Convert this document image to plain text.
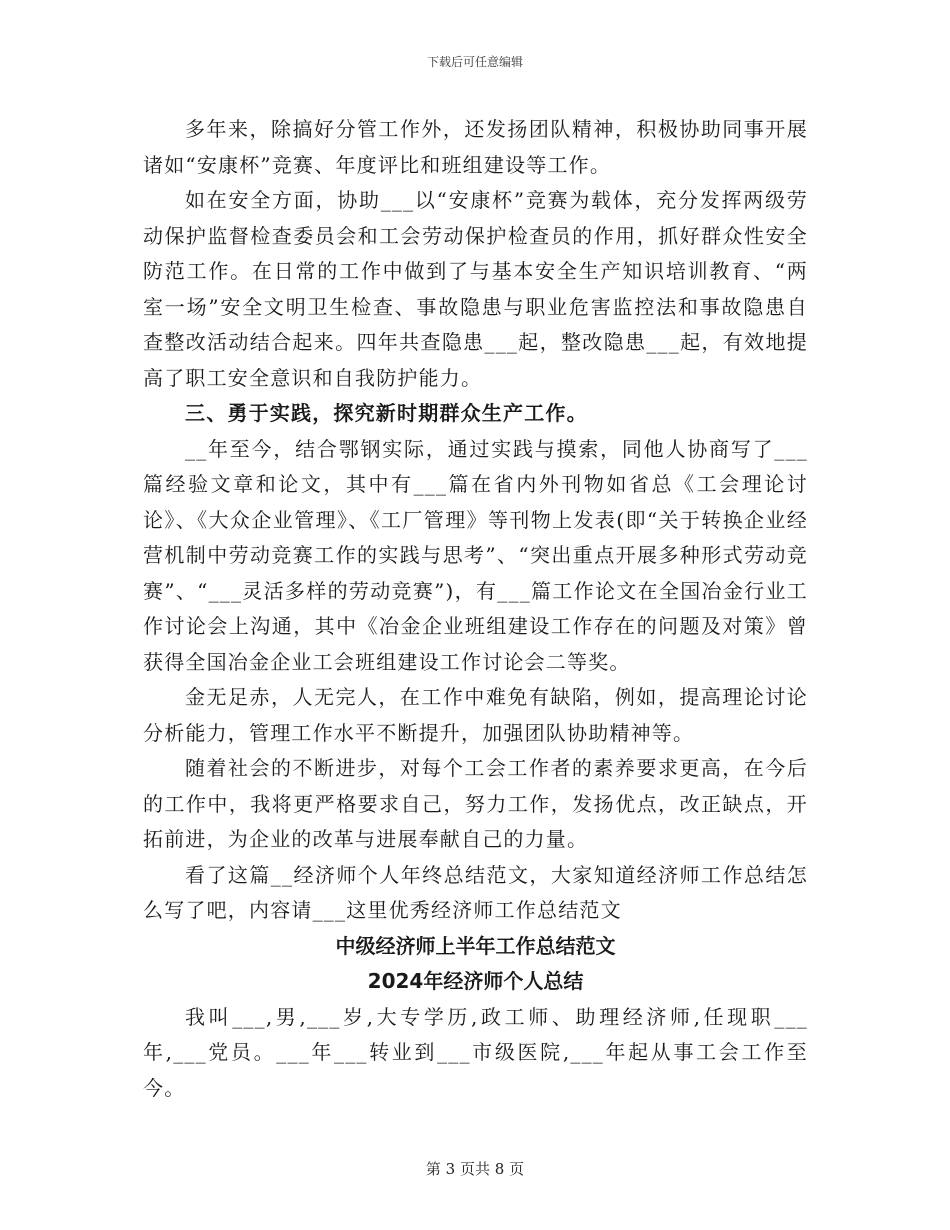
下载后可任意编辑

多年来，除搞好分管工作外，还发扬团队精神，积极协助同事开展诸如“安康杯”竞赛、年度评比和班组建设等工作。

如在安全方面，协助___以“安康杯”竞赛为载体，充分发挥两级劳动保护监督检查委员会和工会劳动保护检查员的作用，抓好群众性安全防范工作。在日常的工作中做到了与基本安全生产知识培训教育、“两室一场”安全文明卫生检查、事故隐患与职业危害监控法和事故隐患自查整改活动结合起来。四年共查隐患___起，整改隐患___起，有效地提高了职工安全意识和自我防护能力。

三、勇于实践，探究新时期群众生产工作。

__年至今，结合鄂钢实际，通过实践与摸索，同他人协商写了___篇经验文章和论文，其中有___篇在省内外刊物如省总《工会理论讨论》、《大众企业管理》、《工厂管理》等刊物上发表(即“关于转换企业经营机制中劳动竞赛工作的实践与思考”、“突出重点开展多种形式劳动竞赛”、“___灵活多样的劳动竞赛”)，有___篇工作论文在全国冶金行业工作讨论会上沟通，其中《冶金企业班组建设工作存在的问题及对策》曾获得全国冶金企业工会班组建设工作讨论会二等奖。

金无足赤，人无完人，在工作中难免有缺陷，例如，提高理论讨论分析能力，管理工作水平不断提升，加强团队协助精神等。

随着社会的不断进步，对每个工会工作者的素养要求更高，在今后的工作中，我将更严格要求自己，努力工作，发扬优点，改正缺点，开拓前进，为企业的改革与进展奉献自己的力量。

看了这篇__经济师个人年终总结范文，大家知道经济师工作总结怎么写了吧，内容请___这里优秀经济师工作总结范文

中级经济师上半年工作总结范文

2024年经济师个人总结

我叫___,男,___岁,大专学历,政工师、助理经济师,任现职___年,___党员。___年___转业到___市级医院,___年起从事工会工作至今。

第 3 页共 8 页
